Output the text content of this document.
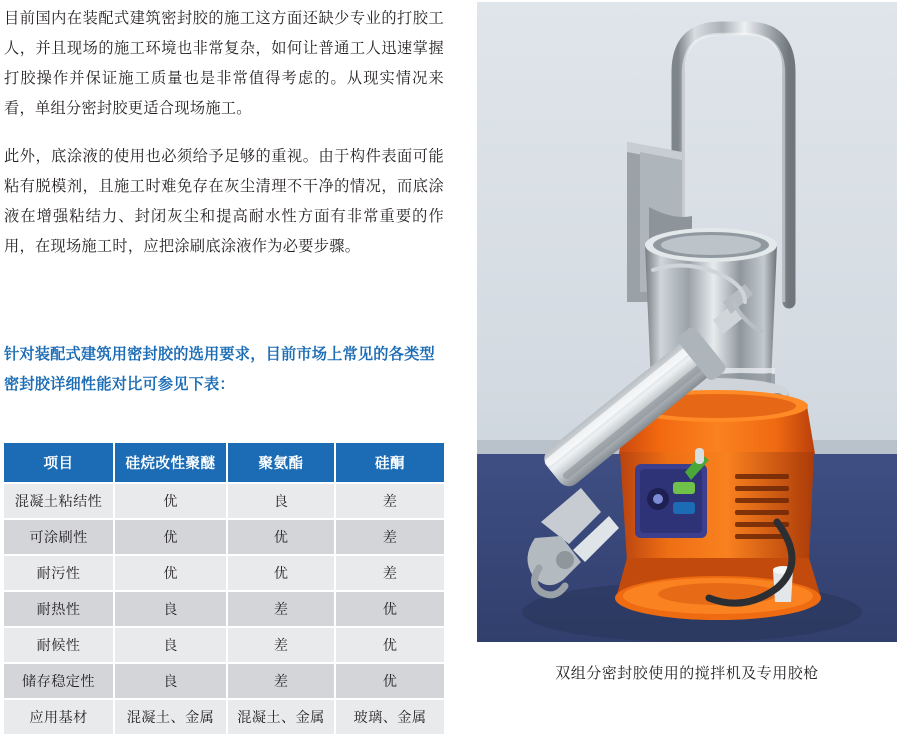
目前国内在装配式建筑密封胶的施工这方面还缺少专业的打胶工人，并且现场的施工环境也非常复杂，如何让普通工人迅速掌握打胶操作并保证施工质量也是非常值得考虑的。从现实情况来看，单组分密封胶更适合现场施工。

此外，底涂液的使用也必须给予足够的重视。由于构件表面可能粘有脱模剂，且施工时难免存在灰尘清理不干净的情况，而底涂液在增强粘结力、封闭灰尘和提高耐水性方面有非常重要的作用，在现场施工时，应把涂刷底涂液作为必要步骤。

针对装配式建筑用密封胶的选用要求，目前市场上常见的各类型密封胶详细性能对比可参见下表：

项目	硅烷改性聚醚	聚氨酯	硅酮
混凝土粘结性	优	良	差
可涂刷性	优	优	差
耐污性	优	优	差
耐热性	良	差	优
耐候性	良	差	优
储存稳定性	良	差	优
应用基材	混凝土、金属	混凝土、金属	玻璃、金属
双组分密封胶使用的搅拌机及专用胶枪
